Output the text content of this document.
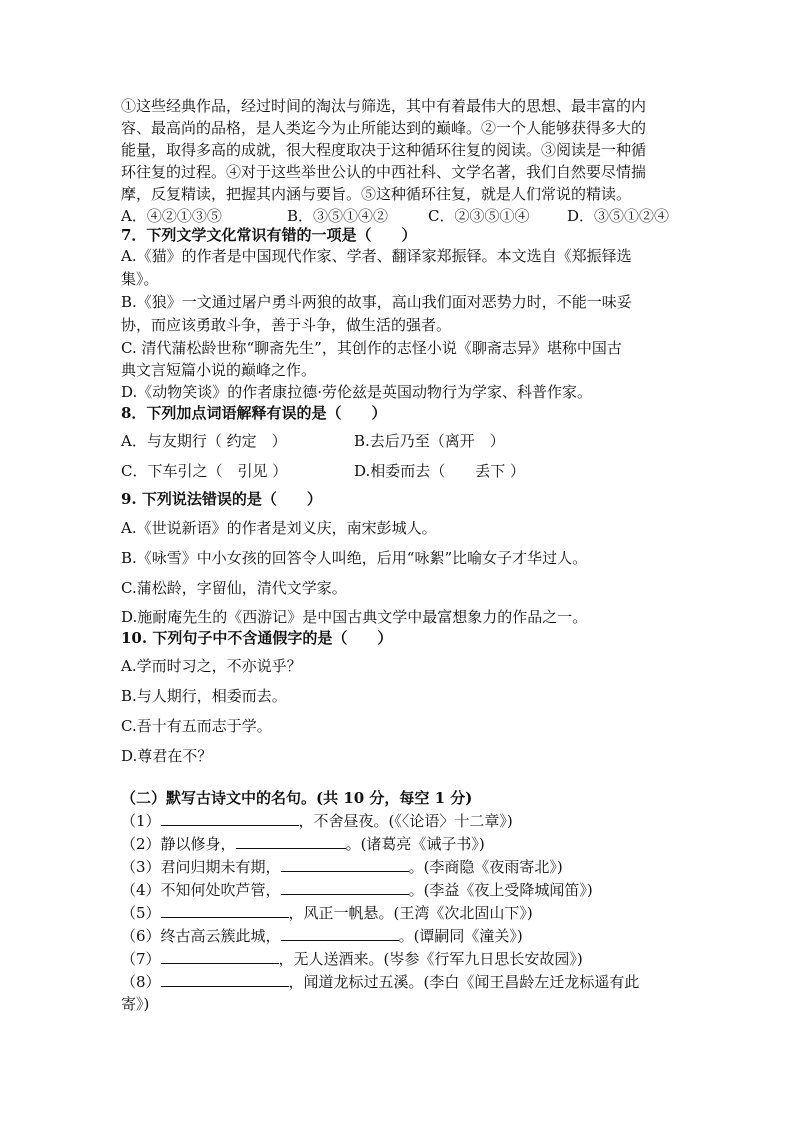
①这些经典作品，经过时间的淘汰与筛选，其中有着最伟大的思想、最丰富的内
容、最高尚的品格，是人类迄今为止所能达到的巅峰。②一个人能够获得多大的
能量，取得多高的成就，很大程度取决于这种循环往复的阅读。③阅读是一种循
环往复的过程。④对于这些举世公认的中西社科、文学名著，我们自然要尽情揣
摩，反复精读，把握其内涵与要旨。⑤这种循环往复，就是人们常说的精读。
A．④②①③⑤	B．③⑤①④②	C．②③⑤①④	D．③⑤①②④
7．下列文学文化常识有错的一项是（　　）
A.《猫》的作者是中国现代作家、学者、翻译家郑振铎。本文选自《郑振铎选
集》。
B.《狼》一文通过屠户勇斗两狼的故事，高山我们面对恶势力时，不能一味妥
协，而应该勇敢斗争，善于斗争，做生活的强者。
C. 清代蒲松龄世称“聊斋先生”，其创作的志怪小说《聊斋志异》堪称中国古
典文言短篇小说的巅峰之作。
D.《动物笑谈》的作者康拉德·劳伦兹是英国动物行为学家、科普作家。
8．下列加点词语解释有误的是（　　）
A．与友期行（ 约定　）	B.去后乃至（离开　）
C．下车引之（　引见 ）	D.相委而去（　　丢下 ）
9. 下列说法错误的是（　　）
A.《世说新语》的作者是刘义庆，南宋彭城人。
B.《咏雪》中小女孩的回答令人叫绝，后用“咏絮”比喻女子才华过人。
C.蒲松龄，字留仙，清代文学家。
D.施耐庵先生的《西游记》是中国古典文学中最富想象力的作品之一。
10. 下列句子中不含通假字的是（　　）
A.学而时习之，不亦说乎？
B.与人期行，相委而去。
C.吾十有五而志于学。
D.尊君在不？
（二）默写古诗文中的名句。(共 10 分，每空 1 分)
（1）	，不舍昼夜。(《〈论语〉十二章》)
（2）静以修身，	。(诸葛亮《诫子书》)
（3）君问归期未有期，	。(李商隐《夜雨寄北》)
（4）不知何处吹芦管，	。(李益《夜上受降城闻笛》)
（5）	，风正一帆悬。(王湾《次北固山下》)
（6）终古高云簇此城，	。(谭嗣同《潼关》)
（7）	，无人送酒来。(岑参《行军九日思长安故园》)
（8）	，闻道龙标过五溪。(李白《闻王昌龄左迁龙标遥有此
寄》)
